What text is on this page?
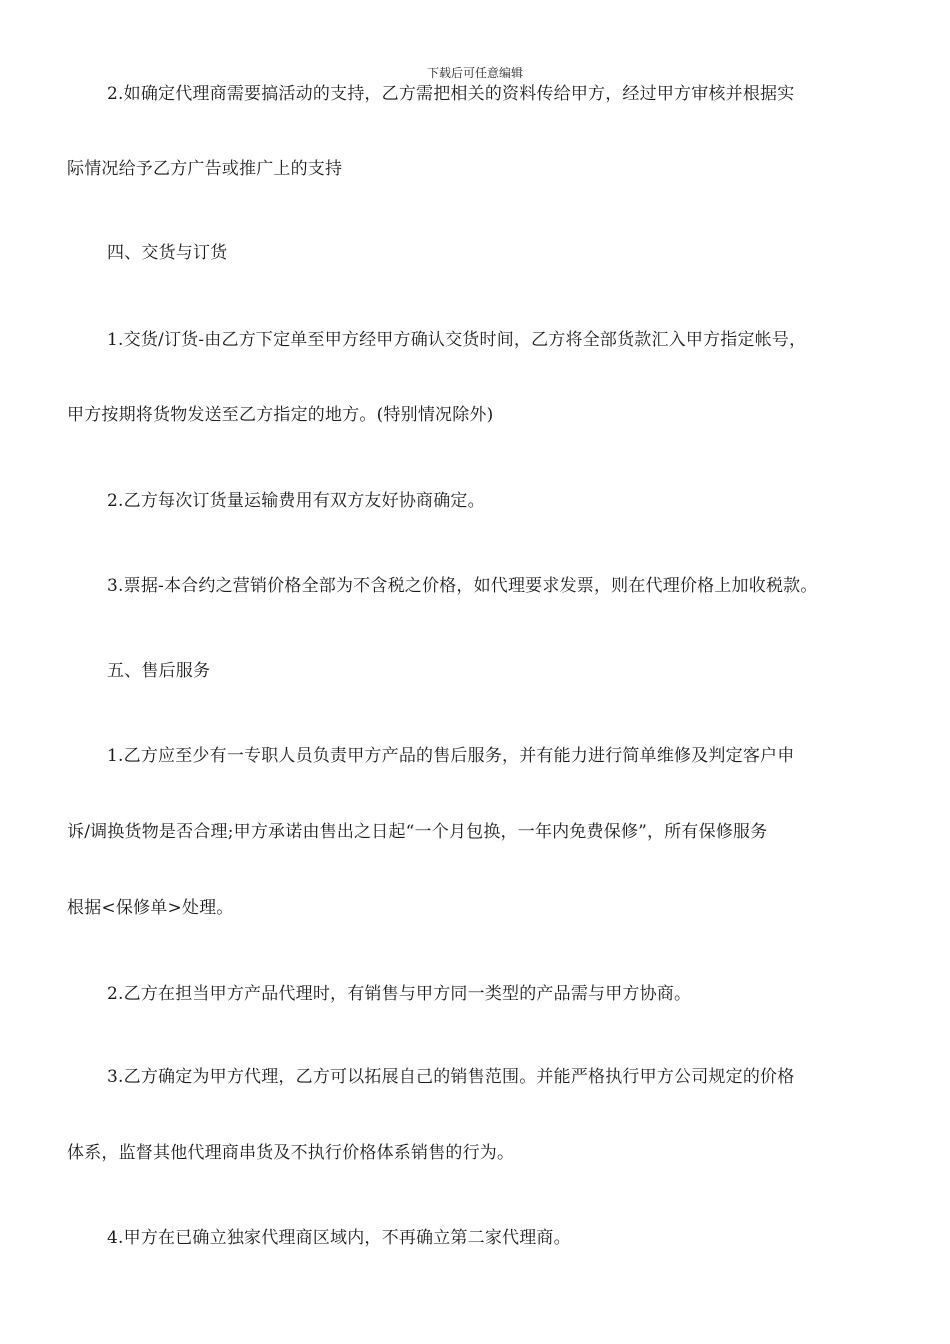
下载后可任意编辑
2.如确定代理商需要搞活动的支持，乙方需把相关的资料传给甲方，经过甲方审核并根据实
际情况给予乙方广告或推广上的支持
四、交货与订货
1.交货/订货-由乙方下定单至甲方经甲方确认交货时间，乙方将全部货款汇入甲方指定帐号，
甲方按期将货物发送至乙方指定的地方。(特别情况除外)
2.乙方每次订货量运输费用有双方友好协商确定。
3.票据-本合约之营销价格全部为不含税之价格，如代理要求发票，则在代理价格上加收税款。
五、售后服务
1.乙方应至少有一专职人员负责甲方产品的售后服务，并有能力进行简单维修及判定客户申
诉/调换货物是否合理;甲方承诺由售出之日起“一个月包换，一年内免费保修”，所有保修服务
根据<保修单>处理。
2.乙方在担当甲方产品代理时，有销售与甲方同一类型的产品需与甲方协商。
3.乙方确定为甲方代理，乙方可以拓展自己的销售范围。并能严格执行甲方公司规定的价格
体系，监督其他代理商串货及不执行价格体系销售的行为。
4.甲方在已确立独家代理商区域内，不再确立第二家代理商。
